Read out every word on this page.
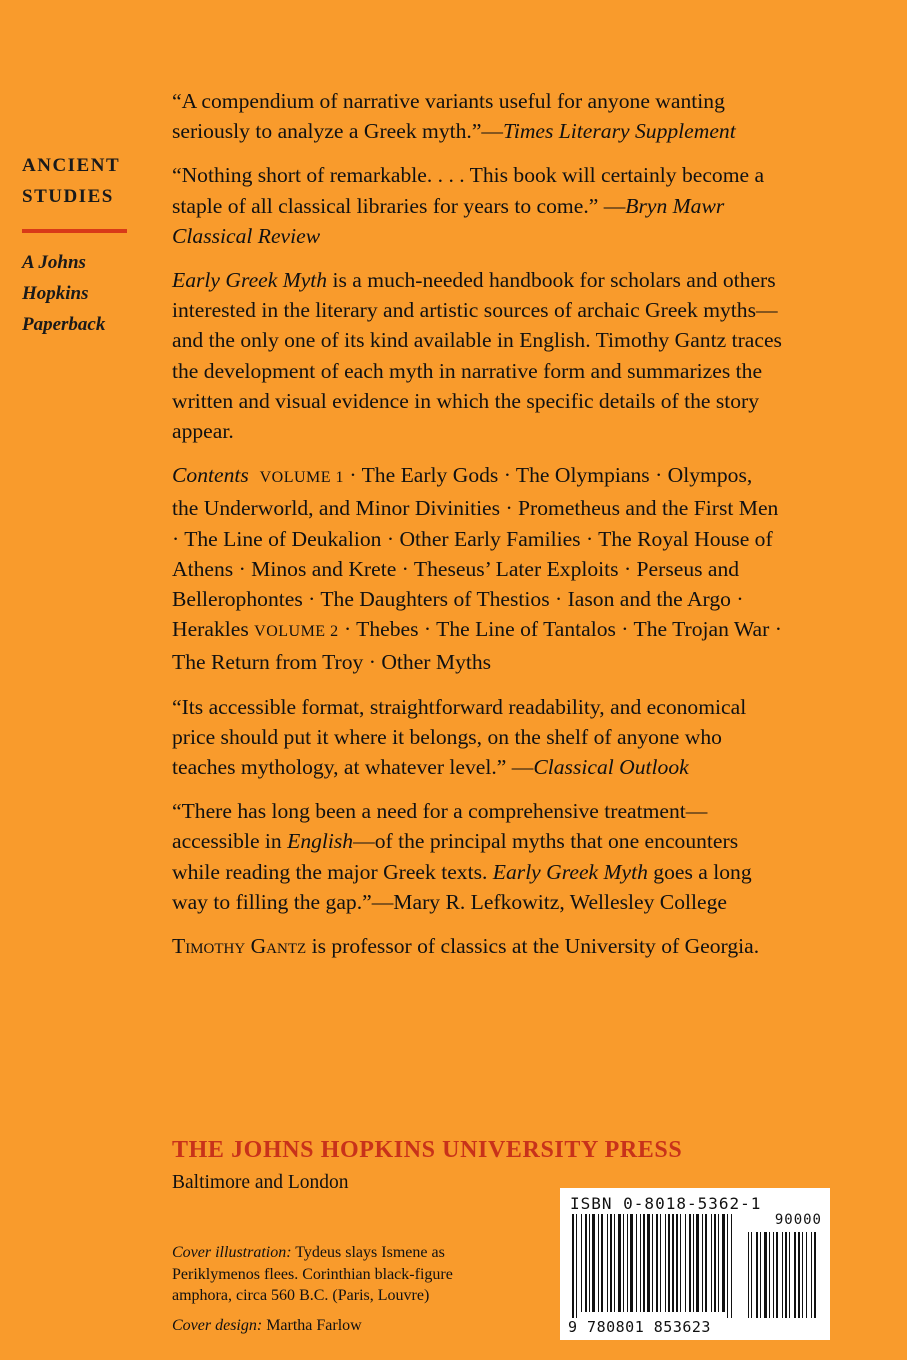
ANCIENT
STUDIES
A Johns
Hopkins
Paperback

“A compendium of narrative variants useful for anyone wanting seriously to analyze a Greek myth.”—Times Literary Supplement

“Nothing short of remarkable. . . . This book will certainly become a staple of all classical libraries for years to come.” —Bryn Mawr Classical Review

Early Greek Myth is a much-needed handbook for scholars and others interested in the literary and artistic sources of archaic Greek myths—and the only one of its kind available in English. Timothy Gantz traces the development of each myth in narrative form and summarizes the written and visual evidence in which the specific details of the story appear.

Contents VOLUME 1 · The Early Gods · The Olympians · Olympos, the Underworld, and Minor Divinities · Prometheus and the First Men · The Line of Deukalion · Other Early Families · The Royal House of Athens · Minos and Krete · Theseus’ Later Exploits · Perseus and Bellerophontes · The Daughters of Thestios · Iason and the Argo · Herakles VOLUME 2 · Thebes · The Line of Tantalos · The Trojan War · The Return from Troy · Other Myths

“Its accessible format, straightforward readability, and economical price should put it where it belongs, on the shelf of anyone who teaches mythology, at whatever level.” —Classical Outlook

“There has long been a need for a comprehensive treatment—accessible in English—of the principal myths that one encounters while reading the major Greek texts. Early Greek Myth goes a long way to filling the gap.”—Mary R. Lefkowitz, Wellesley College

Timothy Gantz is professor of classics at the University of Georgia.

THE JOHNS HOPKINS UNIVERSITY PRESS
Baltimore and London

Cover illustration: Tydeus slays Ismene as Periklymenos flees. Corinthian black-figure amphora, circa 560 B.C. (Paris, Louvre)

Cover design: Martha Farlow

ISBN 0-8018-5362-1
90000
9 780801 853623
